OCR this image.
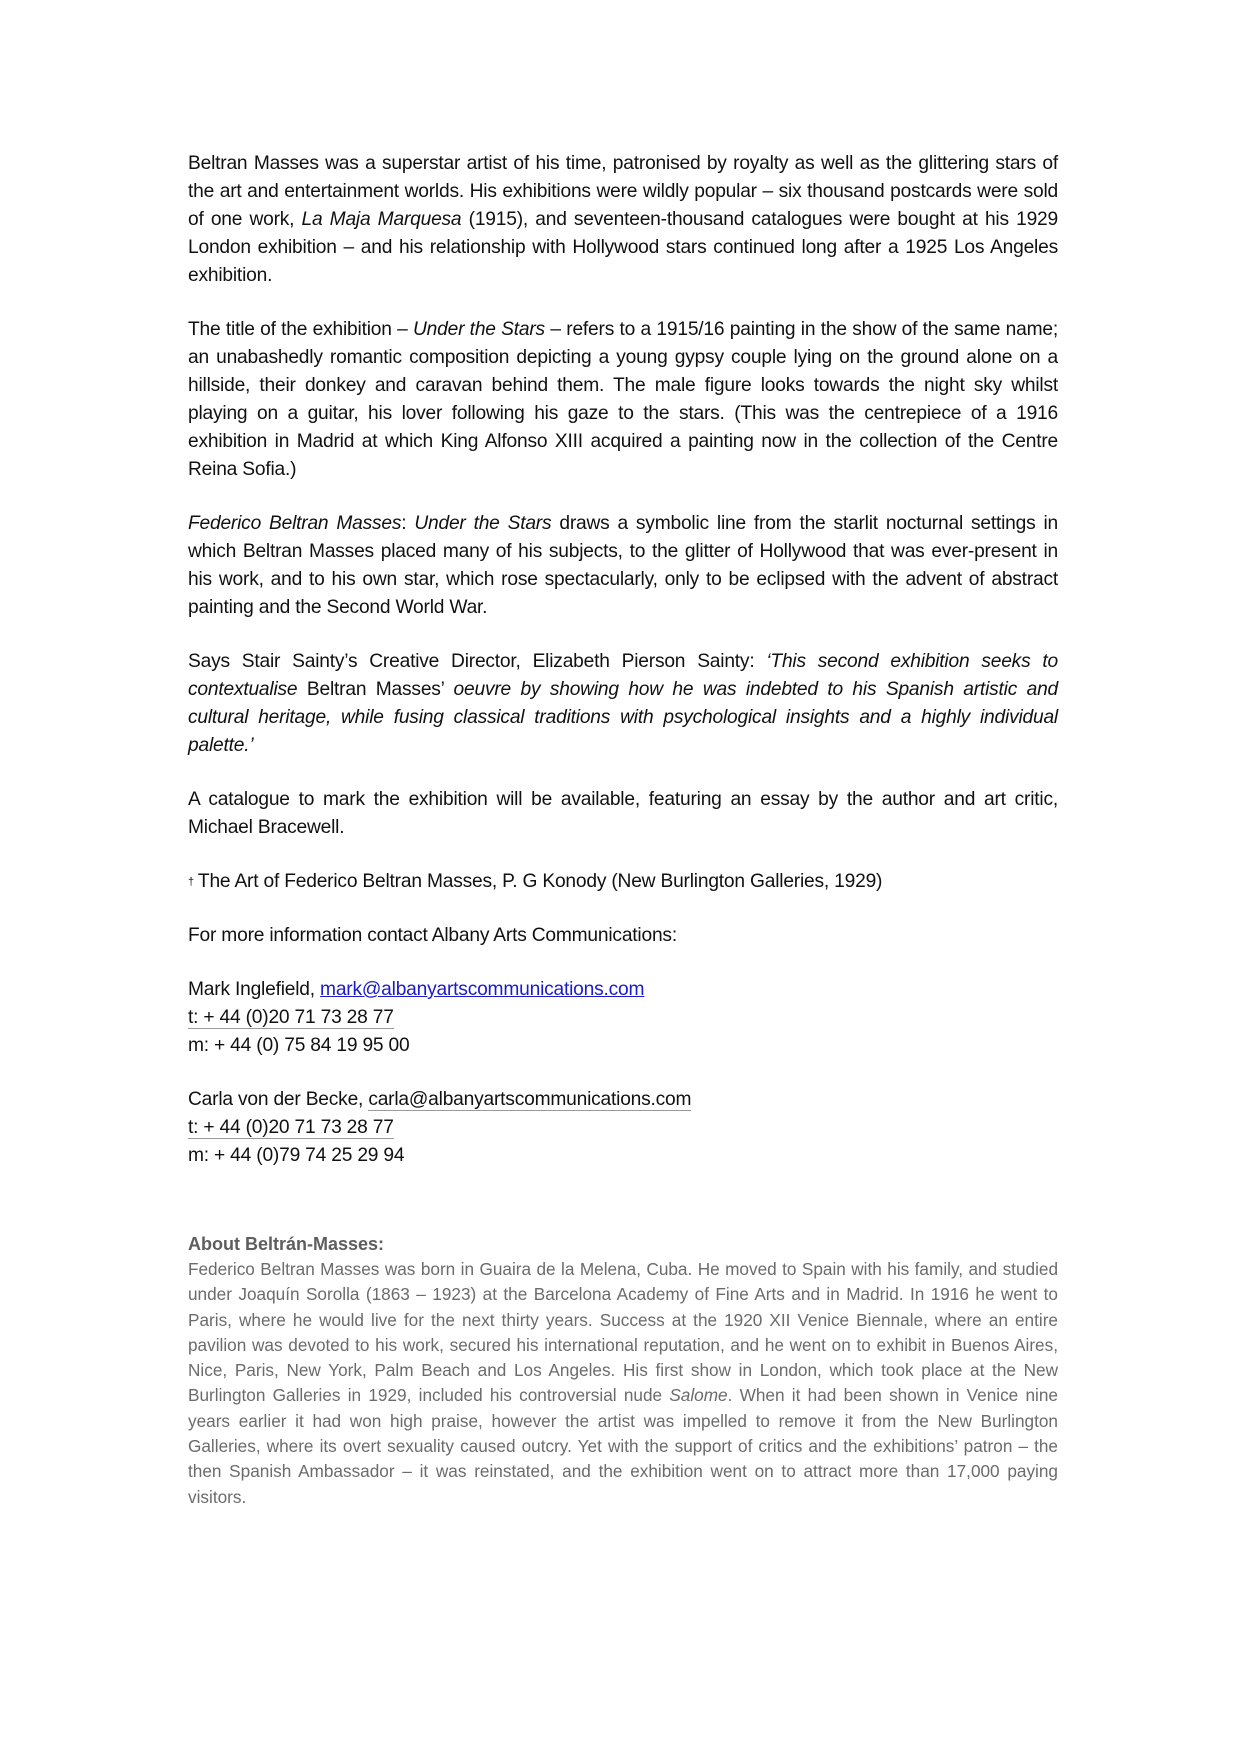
Beltran Masses was a superstar artist of his time, patronised by royalty as well as the glittering stars of the art and entertainment worlds. His exhibitions were wildly popular – six thousand postcards were sold of one work, La Maja Marquesa (1915), and seventeen-thousand catalogues were bought at his 1929 London exhibition – and his relationship with Hollywood stars continued long after a 1925 Los Angeles exhibition.

The title of the exhibition – Under the Stars – refers to a 1915/16 painting in the show of the same name; an unabashedly romantic composition depicting a young gypsy couple lying on the ground alone on a hillside, their donkey and caravan behind them. The male figure looks towards the night sky whilst playing on a guitar, his lover following his gaze to the stars. (This was the centrepiece of a 1916 exhibition in Madrid at which King Alfonso XIII acquired a painting now in the collection of the Centre Reina Sofia.)

Federico Beltran Masses: Under the Stars draws a symbolic line from the starlit nocturnal settings in which Beltran Masses placed many of his subjects, to the glitter of Hollywood that was ever-present in his work, and to his own star, which rose spectacularly, only to be eclipsed with the advent of abstract painting and the Second World War.

Says Stair Sainty’s Creative Director, Elizabeth Pierson Sainty: ‘This second exhibition seeks to contextualise Beltran Masses’ oeuvre by showing how he was indebted to his Spanish artistic and cultural heritage, while fusing classical traditions with psychological insights and a highly individual palette.’

A catalogue to mark the exhibition will be available, featuring an essay by the author and art critic, Michael Bracewell.

† The Art of Federico Beltran Masses, P. G Konody (New Burlington Galleries, 1929)

For more information contact Albany Arts Communications:

Mark Inglefield, mark@albanyartscommunications.com
t: + 44 (0)20 71 73 28 77
m: + 44 (0) 75 84 19 95 00
Carla von der Becke, carla@albanyartscommunications.com
t: + 44 (0)20 71 73 28 77
m: + 44 (0)79 74 25 29 94
About Beltrán-Masses:

Federico Beltran Masses was born in Guaira de la Melena, Cuba. He moved to Spain with his family, and studied under Joaquín Sorolla (1863 – 1923) at the Barcelona Academy of Fine Arts and in Madrid. In 1916 he went to Paris, where he would live for the next thirty years. Success at the 1920 XII Venice Biennale, where an entire pavilion was devoted to his work, secured his international reputation, and he went on to exhibit in Buenos Aires, Nice, Paris, New York, Palm Beach and Los Angeles. His first show in London, which took place at the New Burlington Galleries in 1929, included his controversial nude Salome. When it had been shown in Venice nine years earlier it had won high praise, however the artist was impelled to remove it from the New Burlington Galleries, where its overt sexuality caused outcry. Yet with the support of critics and the exhibitions’ patron – the then Spanish Ambassador – it was reinstated, and the exhibition went on to attract more than 17,000 paying visitors.
